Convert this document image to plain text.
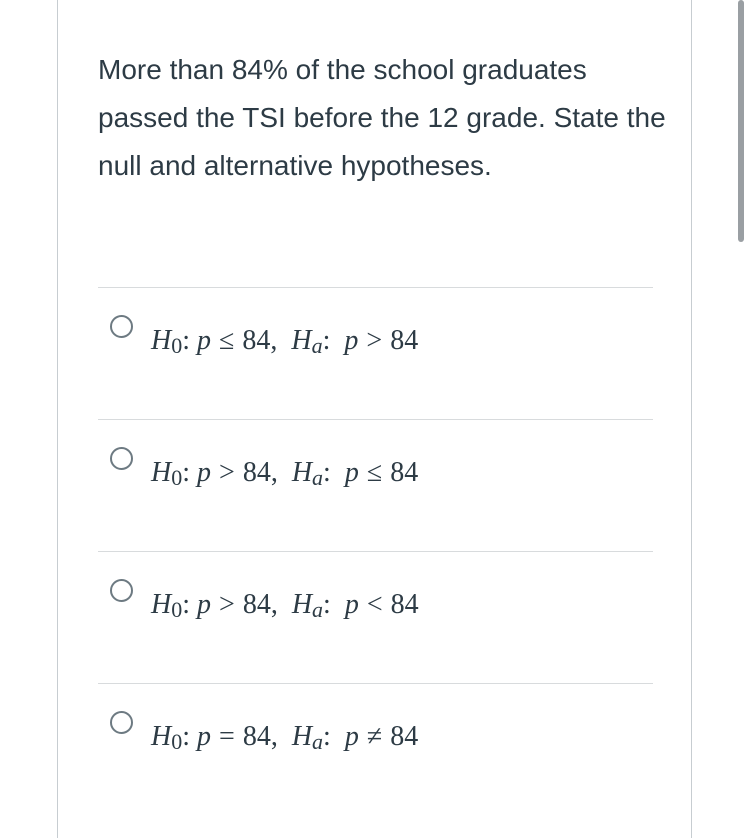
More than 84% of the school graduates passed the TSI before the 12 grade. State the null and alternative hypotheses.

H0: p ≤ 84, Ha: p > 84
H0: p > 84, Ha: p ≤ 84
H0: p > 84, Ha: p < 84
H0: p = 84, Ha: p ≠ 84
